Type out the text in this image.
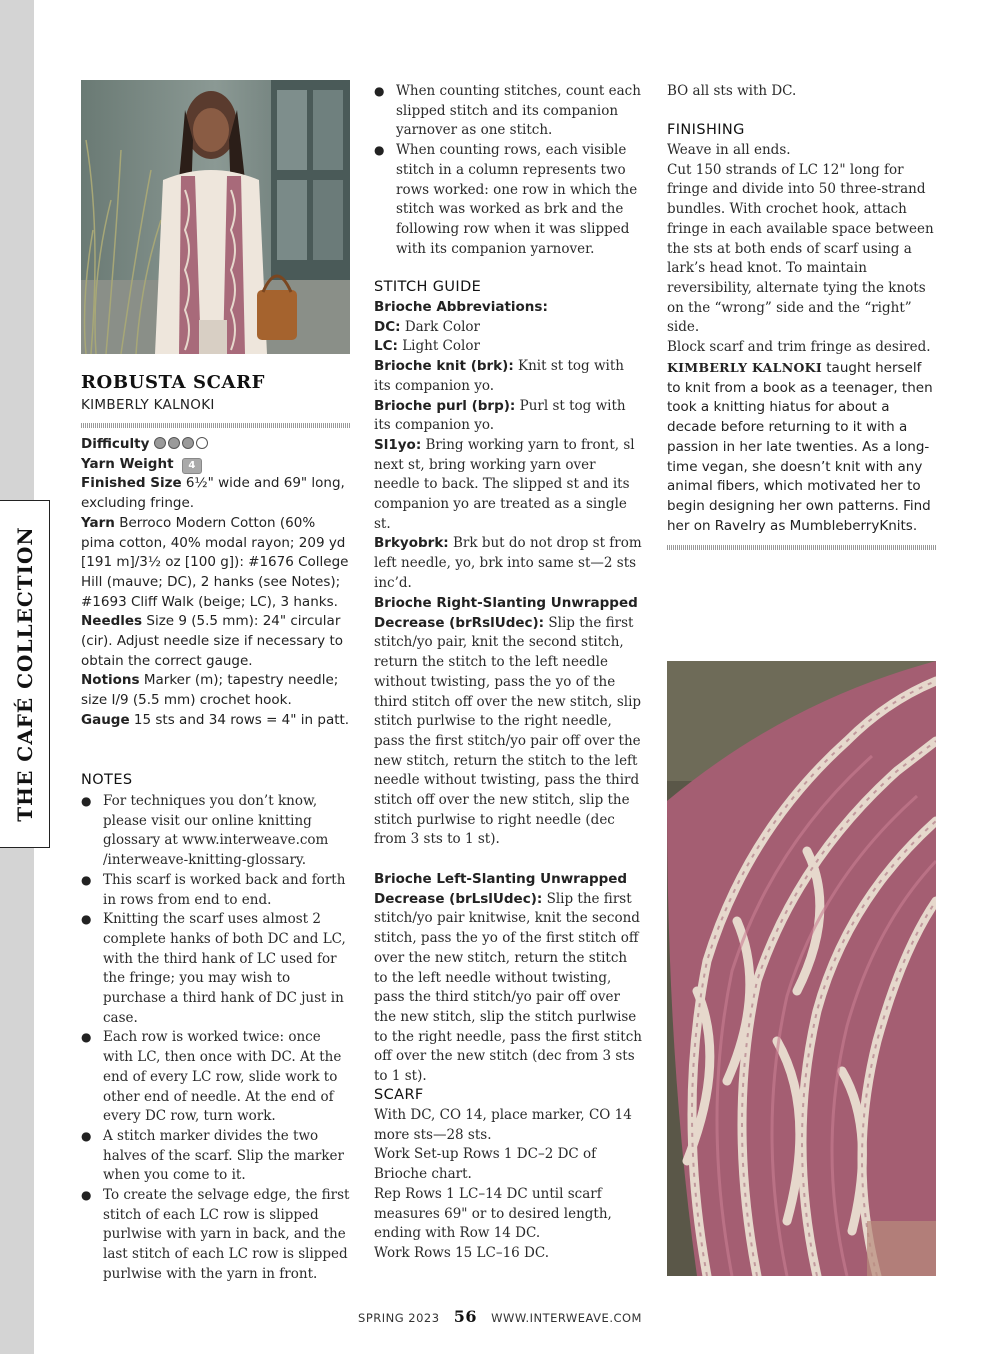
THE CAFÉ COLLECTION
ROBUSTA SCARF
KIMBERLY KALNOKI
Difficulty
Yarn Weight 4
Finished Size 6½" wide and 69" long, excluding fringe.
Yarn Berroco Modern Cotton (60% pima cotton, 40% modal rayon; 209 yd [191 m]/3½ oz [100 g]): #1676 College Hill (mauve; DC), 2 hanks (see Notes); #1693 Cliff Walk (beige; LC), 3 hanks.
Needles Size 9 (5.5 mm): 24" circular (cir). Adjust needle size if necessary to obtain the correct gauge.
Notions Marker (m); tapestry needle; size I/9 (5.5 mm) crochet hook.
Gauge 15 sts and 34 rows = 4" in patt.
NOTES
● For techniques you don’t know, please visit our online knitting glossary at www.interweave.com /interweave-knitting-glossary.
● This scarf is worked back and forth in rows from end to end.
● Knitting the scarf uses almost 2 complete hanks of both DC and LC, with the third hank of LC used for the fringe; you may wish to purchase a third hank of DC just in case.
● Each row is worked twice: once with LC, then once with DC. At the end of every LC row, slide work to other end of needle. At the end of every DC row, turn work.
● A stitch marker divides the two halves of the scarf. Slip the marker when you come to it.
● To create the selvage edge, the first stitch of each LC row is slipped purlwise with yarn in back, and the last stitch of each LC row is slipped purlwise with the yarn in front.
● When counting stitches, count each slipped stitch and its companion yarnover as one stitch.
● When counting rows, each visible stitch in a column represents two rows worked: one row in which the stitch was worked as brk and the following row when it was slipped with its companion yarnover.
STITCH GUIDE
Brioche Abbreviations:
DC: Dark Color
LC: Light Color
Brioche knit (brk): Knit st tog with its companion yo.
Brioche purl (brp): Purl st tog with its companion yo.
Sl1yo: Bring working yarn to front, sl next st, bring working yarn over needle to back. The slipped st and its companion yo are treated as a single st.
Brkyobrk: Brk but do not drop st from left needle, yo, brk into same st—2 sts inc’d.
Brioche Right-Slanting Unwrapped Decrease (brRslUdec): Slip the first stitch/yo pair, knit the second stitch, return the stitch to the left needle without twisting, pass the yo of the third stitch off over the new stitch, slip stitch purlwise to the right needle, pass the first stitch/yo pair off over the new stitch, return the stitch to the left needle without twisting, pass the third stitch off over the new stitch, slip the stitch purlwise to right needle (dec from 3 sts to 1 st).
Brioche Left-Slanting Unwrapped Decrease (brLslUdec): Slip the first stitch/yo pair knitwise, knit the second stitch, pass the yo of the first stitch off over the new stitch, return the stitch to the left needle without twisting, pass the third stitch/yo pair off over the new stitch, slip the stitch purlwise to the right needle, pass the first stitch off over the new stitch (dec from 3 sts to 1 st).
SCARF

With DC, CO 14, place marker, CO 14 more sts—28 sts.

Work Set-up Rows 1 DC–2 DC of Brioche chart.

Rep Rows 1 LC–14 DC until scarf measures 69" or to desired length, ending with Row 14 DC.

Work Rows 15 LC–16 DC.

BO all sts with DC.
FINISHING

Weave in all ends.

Cut 150 strands of LC 12" long for fringe and divide into 50 three-strand bundles. With crochet hook, attach fringe in each available space between the sts at both ends of scarf using a lark’s head knot. To maintain reversibility, alternate tying the knots on the “wrong” side and the “right” side.

Block scarf and trim fringe as desired.

KIMBERLY KALNOKI taught herself to knit from a book as a teenager, then took a knitting hiatus for about a decade before returning to it with a passion in her late twenties. As a long-time vegan, she doesn’t knit with any animal fibers, which motivated her to begin designing her own patterns. Find her on Ravelry as MumbleberryKnits.
SPRING 2023 56 WWW.INTERWEAVE.COM
